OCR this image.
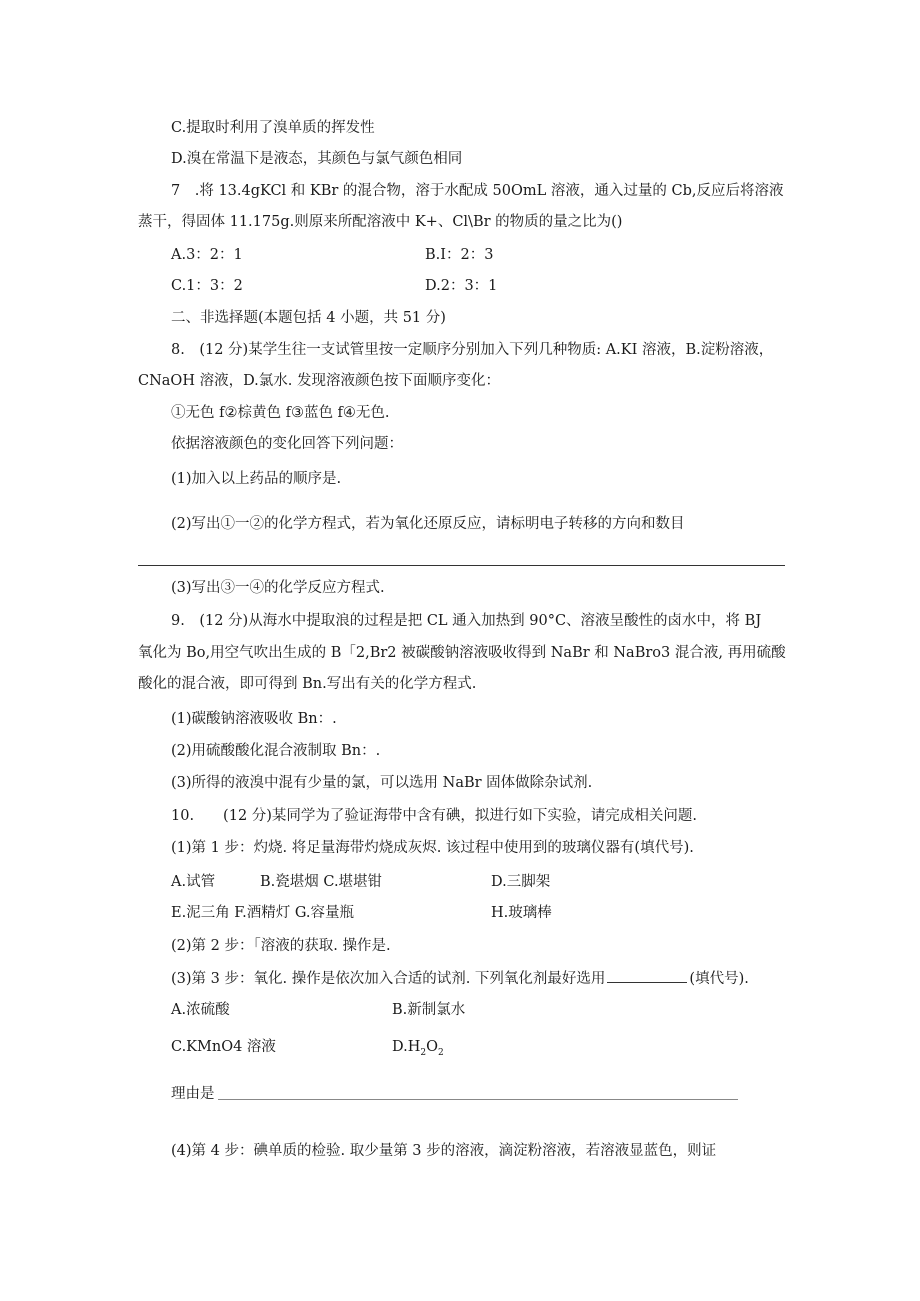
C.提取时利用了溴单质的挥发性
D.溴在常温下是液态，其颜色与氯气颜色相同
7　.将 13.4gKCl 和 KBr 的混合物，溶于水配成 50OmL 溶液，通入过量的 Cb,反应后将溶液
蒸干，得固体 11.175g.则原来所配溶液中 K+、Cl\Br 的物质的量之比为()
A.3：2：1	B.I：2：3
C.1：3：2	D.2：3：1
二、非选择题(本题包括 4 小题，共 51 分)
8.　(12 分)某学生往一支试管里按一定顺序分别加入下列几种物质: A.KI 溶液，B.淀粉溶液，
CNaOH 溶液，D.氯水. 发现溶液颜色按下面顺序变化：
①无色 f②棕黄色 f③蓝色 f④无色.
依据溶液颜色的变化回答下列问题：
(1)加入以上药品的顺序是.
(2)写出①一②的化学方程式，若为氧化还原反应，请标明电子转移的方向和数目
(3)写出③一④的化学反应方程式.
9.　(12 分)从海水中提取浪的过程是把 CL 通入加热到 90°C、溶液呈酸性的卤水中，将 BJ
氧化为 Bo,用空气吹出生成的 B「2,Br2 被碳酸钠溶液吸收得到 NaBr 和 NaBro3 混合液, 再用硫酸
酸化的混合液，即可得到 Bn.写出有关的化学方程式.
(1)碳酸钠溶液吸收 Bn：.
(2)用硫酸酸化混合液制取 Bn：.
(3)所得的液溴中混有少量的氯，可以选用 NaBr 固体做除杂试剂.
10.　　(12 分)某同学为了验证海带中含有碘，拟进行如下实验，请完成相关问题.
(1)第 1 步：灼烧. 将足量海带灼烧成灰烬. 该过程中使用到的玻璃仪器有(填代号).
A.试管	B.瓷堪烟 C.堪堪钳	D.三脚架
E.泥三角 F.酒精灯 G.容量瓶	H.玻璃棒
(2)第 2 步：「溶液的获取. 操作是.
(3)第 3 步：氧化. 操作是依次加入合适的试剂. 下列氧化剂最好选用	(填代号).
A.浓硫酸	B.新制氯水
C.KMnO4 溶液	$D.H_2O_2$
理由是
(4)第 4 步：碘单质的检验. 取少量第 3 步的溶液，滴淀粉溶液，若溶液显蓝色，则证
